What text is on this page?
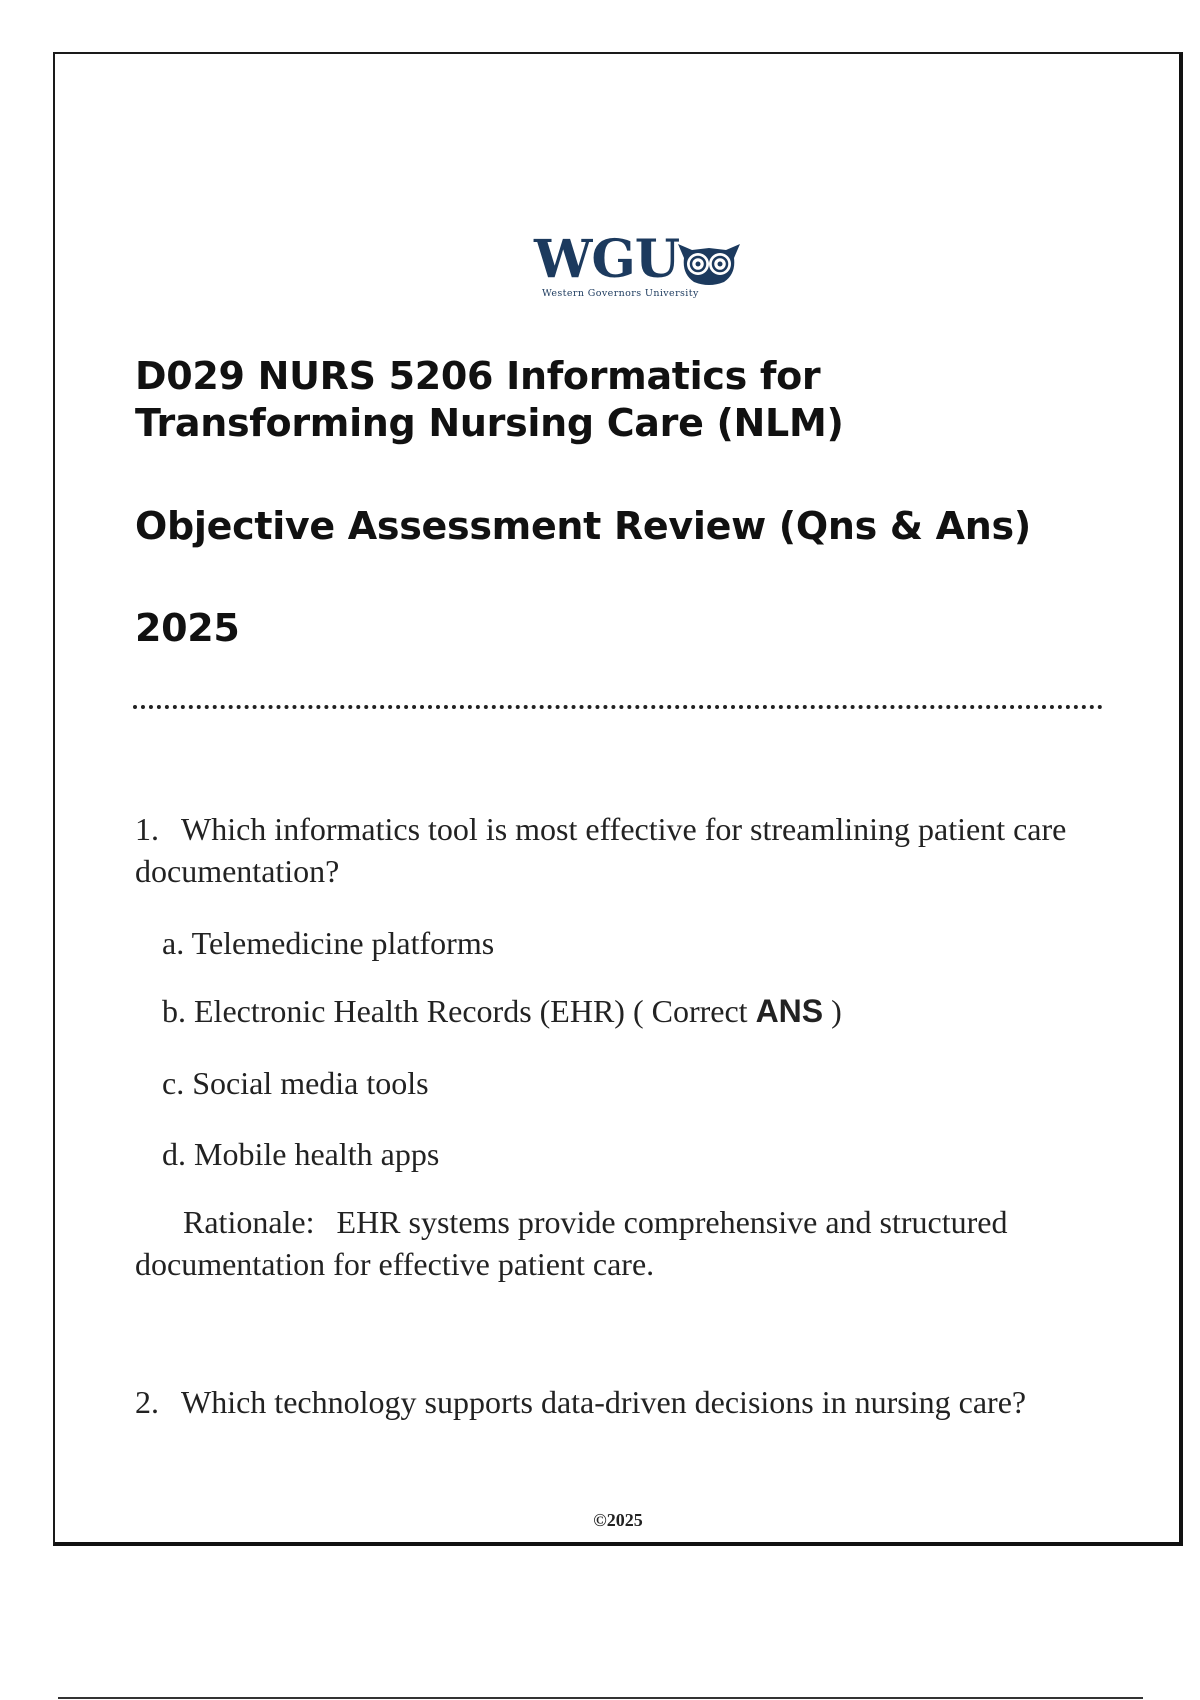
WGU
Western Governors University
D029 NURS 5206 Informatics for Transforming Nursing Care (NLM)
Objective Assessment Review (Qns & Ans)
2025

1. Which informatics tool is most effective for streamlining patient care documentation?

a. Telemedicine platforms

b. Electronic Health Records (EHR) ( Correct ANS )

c. Social media tools

d. Mobile health apps

Rationale: EHR systems provide comprehensive and structured documentation for effective patient care.

2. Which technology supports data-driven decisions in nursing care?

©2025
